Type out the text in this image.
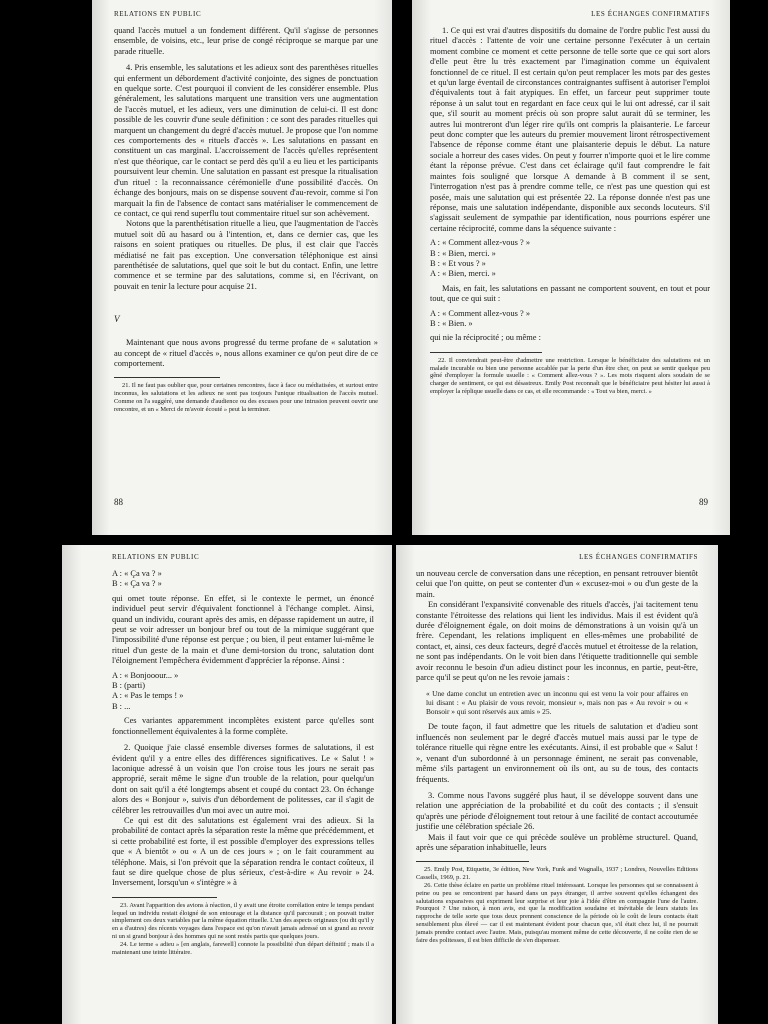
RELATIONS EN PUBLIC

quand l'accès mutuel a un fondement différent. Qu'il s'agisse de personnes ensemble, de voisins, etc., leur prise de congé réciproque se marque par une parade rituelle.

4. Pris ensemble, les salutations et les adieux sont des parenthèses rituelles qui enferment un débordement d'activité conjointe, des signes de ponctuation en quelque sorte. C'est pourquoi il convient de les considérer ensemble. Plus généralement, les salutations marquent une transition vers une augmentation de l'accès mutuel, et les adieux, vers une diminution de celui-ci. Il est donc possible de les couvrir d'une seule définition : ce sont des parades rituelles qui marquent un changement du degré d'accès mutuel. Je propose que l'on nomme ces comportements des « rituels d'accès ». Les salutations en passant en constituent un cas marginal. L'accroissement de l'accès qu'elles représentent n'est que théorique, car le contact se perd dès qu'il a eu lieu et les participants poursuivent leur chemin. Une salutation en passant est presque la ritualisation d'un rituel : la reconnaissance cérémonielle d'une possibilité d'accès. On échange des bonjours, mais on se dispense souvent d'au-revoir, comme si l'on marquait la fin de l'absence de contact sans matérialiser le commencement de ce contact, ce qui rend superflu tout commentaire rituel sur son achèvement.

Notons que la parenthétisation rituelle a lieu, que l'augmentation de l'accès mutuel soit dû au hasard ou à l'intention, et, dans ce dernier cas, que les raisons en soient pratiques ou rituelles. De plus, il est clair que l'accès médiatisé ne fait pas exception. Une conversation téléphonique est ainsi parenthétisée de salutations, quel que soit le but du contact. Enfin, une lettre commence et se termine par des salutations, comme si, en l'écrivant, on pouvait en tenir la lecture pour acquise 21.

V

Maintenant que nous avons progressé du terme profane de « salutation » au concept de « rituel d'accès », nous allons examiner ce qu'on peut dire de ce comportement.

21. Il ne faut pas oublier que, pour certaines rencontres, face à face ou médiatisées, et surtout entre inconnus, les salutations et les adieux ne sont pas toujours l'unique ritualisation de l'accès mutuel. Comme on l'a suggéré, une demande d'audience ou des excuses pour une intrusion peuvent ouvrir une rencontre, et un « Merci de m'avoir écouté » peut la terminer.

88
LES ÉCHANGES CONFIRMATIFS

1. Ce qui est vrai d'autres dispositifs du domaine de l'ordre public l'est aussi du rituel d'accès : l'attente de voir une certaine personne l'exécuter à un certain moment combine ce moment et cette personne de telle sorte que ce qui sort alors d'elle peut être lu très exactement par l'imagination comme un équivalent fonctionnel de ce rituel. Il est certain qu'on peut remplacer les mots par des gestes et qu'un large éventail de circonstances contraignantes suffisent à autoriser l'emploi d'équivalents tout à fait atypiques. En effet, un farceur peut supprimer toute réponse à un salut tout en regardant en face ceux qui le lui ont adressé, car il sait que, s'il sourit au moment précis où son propre salut aurait dû se terminer, les autres lui montreront d'un léger rire qu'ils ont compris la plaisanterie. Le farceur peut donc compter que les auteurs du premier mouvement liront rétrospectivement l'absence de réponse comme étant une plaisanterie depuis le début. La nature sociale a horreur des cases vides. On peut y fourrer n'importe quoi et le lire comme étant la réponse prévue. C'est dans cet éclairage qu'il faut comprendre le fait maintes fois souligné que lorsque A demande à B comment il se sent, l'interrogation n'est pas à prendre comme telle, ce n'est pas une question qui est posée, mais une salutation qui est présentée 22. La réponse donnée n'est pas une réponse, mais une salutation indépendante, disponible aux seconds locuteurs. S'il s'agissait seulement de sympathie par identification, nous pourrions espérer une certaine réciprocité, comme dans la séquence suivante :

A : « Comment allez-vous ? »
B : « Bien, merci. »
B : « Et vous ? »
A : « Bien, merci. »

Mais, en fait, les salutations en passant ne comportent souvent, en tout et pour tout, que ce qui suit :

A : « Comment allez-vous ? »
B : « Bien. »

qui nie la réciprocité ; ou même :

22. Il conviendrait peut-être d'admettre une restriction. Lorsque le bénéficiaire des salutations est un malade incurable ou bien une personne accablée par la perte d'un être cher, on peut se sentir quelque peu gêné d'employer la formule usuelle : « Comment allez-vous ? ». Les mots risquent alors soudain de se charger de sentiment, ce qui est désastreux. Emily Post reconnaît que le bénéficiaire peut hésiter lui aussi à employer la réplique usuelle dans ce cas, et elle recommande : « Tout va bien, merci. »

89
RELATIONS EN PUBLIC
A : « Ça va ? »
B : « Ça va ? »

qui omet toute réponse. En effet, si le contexte le permet, un énoncé individuel peut servir d'équivalent fonctionnel à l'échange complet. Ainsi, quand un individu, courant après des amis, en dépasse rapidement un autre, il peut se voir adresser un bonjour bref ou tout de la mimique suggérant que l'impossibilité d'une réponse est perçue ; ou bien, il peut entamer lui-même le rituel d'un geste de la main et d'une demi-torsion du tronc, salutation dont l'éloignement l'empêchera évidemment d'apprécier la réponse. Ainsi :

A : « Bonjooour... »
B : (parti)
A : « Pas le temps ! »
B : ...

Ces variantes apparemment incomplètes existent parce qu'elles sont fonctionnellement équivalentes à la forme complète.

2. Quoique j'aie classé ensemble diverses formes de salutations, il est évident qu'il y a entre elles des différences significatives. Le « Salut ! » laconique adressé à un voisin que l'on croise tous les jours ne serait pas approprié, serait même le signe d'un trouble de la relation, pour quelqu'un dont on sait qu'il a été longtemps absent et coupé du contact 23. On échange alors des « Bonjour », suivis d'un débordement de politesses, car il s'agit de célébrer les retrouvailles d'un moi avec un autre moi.

Ce qui est dit des salutations est également vrai des adieux. Si la probabilité de contact après la séparation reste la même que précédemment, et si cette probabilité est forte, il est possible d'employer des expressions telles que « A bientôt » ou « A un de ces jours » ; on le fait couramment au téléphone. Mais, si l'on prévoit que la séparation rendra le contact coûteux, il faut se dire quelque chose de plus sérieux, c'est-à-dire « Au revoir » 24. Inversement, lorsqu'un « s'intègre » à

23. Avant l'apparition des avions à réaction, il y avait une étroite corrélation entre le temps pendant lequel un individu restait éloigné de son entourage et la distance qu'il parcourait ; on pouvait traiter simplement ces deux variables par la même équation rituelle. L'un des aspects originaux (ou dit qu'il y en a d'autres) des récents voyages dans l'espace est qu'on n'avait jamais adressé un si grand au revoir ni un si grand bonjour à des hommes qui ne sont restés partis que quelques jours.

24. Le terme « adieu » [en anglais, farewell] connote la possibilité d'un départ définitif ; mais il a maintenant une teinte littéraire.

LES ÉCHANGES CONFIRMATIFS

un nouveau cercle de conversation dans une réception, en pensant retrouver bientôt celui que l'on quitte, on peut se contenter d'un « excusez-moi » ou d'un geste de la main.

En considérant l'expansivité convenable des rituels d'accès, j'ai tacitement tenu constante l'étroitesse des relations qui lient les individus. Mais il est évident qu'à durée d'éloignement égale, on doit moins de démonstrations à un voisin qu'à un frère. Cependant, les relations impliquent en elles-mêmes une probabilité de contact, et, ainsi, ces deux facteurs, degré d'accès mutuel et étroitesse de la relation, ne sont pas indépendants. On le voit bien dans l'étiquette traditionnelle qui semble avoir reconnu le besoin d'un adieu distinct pour les inconnus, en partie, peut-être, parce qu'il se peut qu'on ne les revoie jamais :

« Une dame conclut un entretien avec un inconnu qui est venu la voir pour affaires en lui disant : « Au plaisir de vous revoir, monsieur », mais non pas « Au revoir » ou « Bonsoir » qui sont réservés aux amis » 25.

De toute façon, il faut admettre que les rituels de salutation et d'adieu sont influencés non seulement par le degré d'accès mutuel mais aussi par le type de tolérance rituelle qui règne entre les exécutants. Ainsi, il est probable que « Salut ! », venant d'un subordonné à un personnage éminent, ne serait pas convenable, même s'ils partagent un environnement où ils ont, au su de tous, des contacts fréquents.

3. Comme nous l'avons suggéré plus haut, il se développe souvent dans une relation une appréciation de la probabilité et du coût des contacts ; il s'ensuit qu'après une période d'éloignement tout retour à une facilité de contact accoutumée justifie une célébration spéciale 26.

Mais il faut voir que ce qui précède soulève un problème structurel. Quand, après une séparation inhabituelle, leurs

25. Emily Post, Etiquette, 3e édition, New York, Funk and Wagnalls, 1937 ; Londres, Nouvelles Editions Cassells, 1969, p. 21.

26. Cette thèse éclaire en partie un problème rituel intéressant. Lorsque les personnes qui se connaissent à peine ou peu se rencontrent par hasard dans un pays étranger, il arrive souvent qu'elles échangent des salutations expansives qui expriment leur surprise et leur joie à l'idée d'être en compagnie l'une de l'autre. Pourquoi ? Une raison, à mon avis, est que la modification soudaine et inévitable de leurs statuts les rapproche de telle sorte que tous deux prennent conscience de la période où le coût de leurs contacts était sensiblement plus élevé — car il est maintenant évident pour chacun que, s'il était chez lui, il ne pourrait jamais prendre contact avec l'autre. Mais, puisqu'au moment même de cette découverte, il ne coûte rien de se faire des politesses, il est bien difficile de s'en dispenser.
